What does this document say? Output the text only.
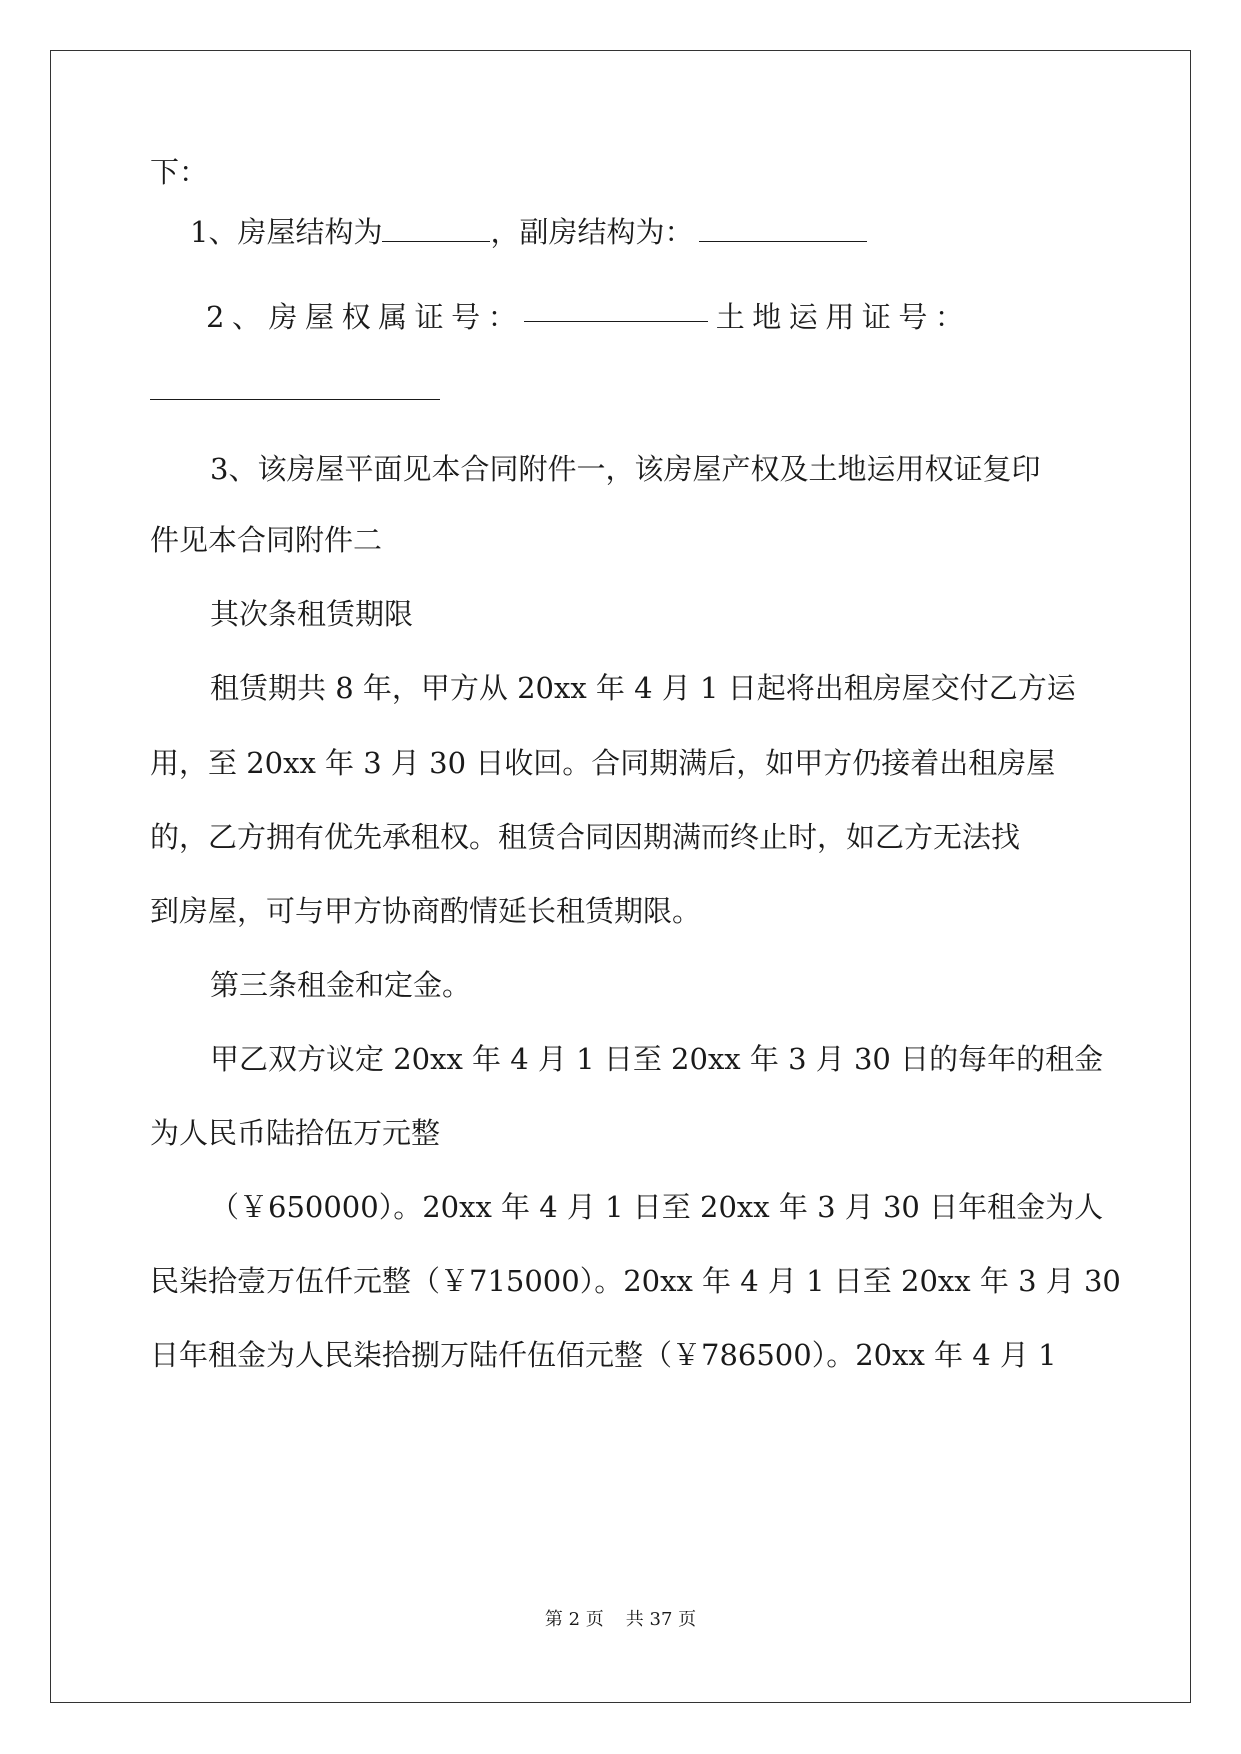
下：
1、房屋结构为	，副房结构为：
2 、 房 屋 权 属 证 号 ：	土 地 运 用 证 号 ：
3、该房屋平面见本合同附件一，该房屋产权及土地运用权证复印
件见本合同附件二
其次条租赁期限
租赁期共 8 年，甲方从 20xx 年 4 月 1 日起将出租房屋交付乙方运
用，至 20xx 年 3 月 30 日收回。合同期满后，如甲方仍接着出租房屋
的，乙方拥有优先承租权。租赁合同因期满而终止时，如乙方无法找
到房屋，可与甲方协商酌情延长租赁期限。
第三条租金和定金。
甲乙双方议定 20xx 年 4 月 1 日至 20xx 年 3 月 30 日的每年的租金
为人民币陆拾伍万元整
（￥650000）。20xx 年 4 月 1 日至 20xx 年 3 月 30 日年租金为人
民柒拾壹万伍仟元整（￥715000）。20xx 年 4 月 1 日至 20xx 年 3 月 30
日年租金为人民柒拾捌万陆仟伍佰元整（￥786500）。20xx 年 4 月 1
第 2 页 共 37 页
